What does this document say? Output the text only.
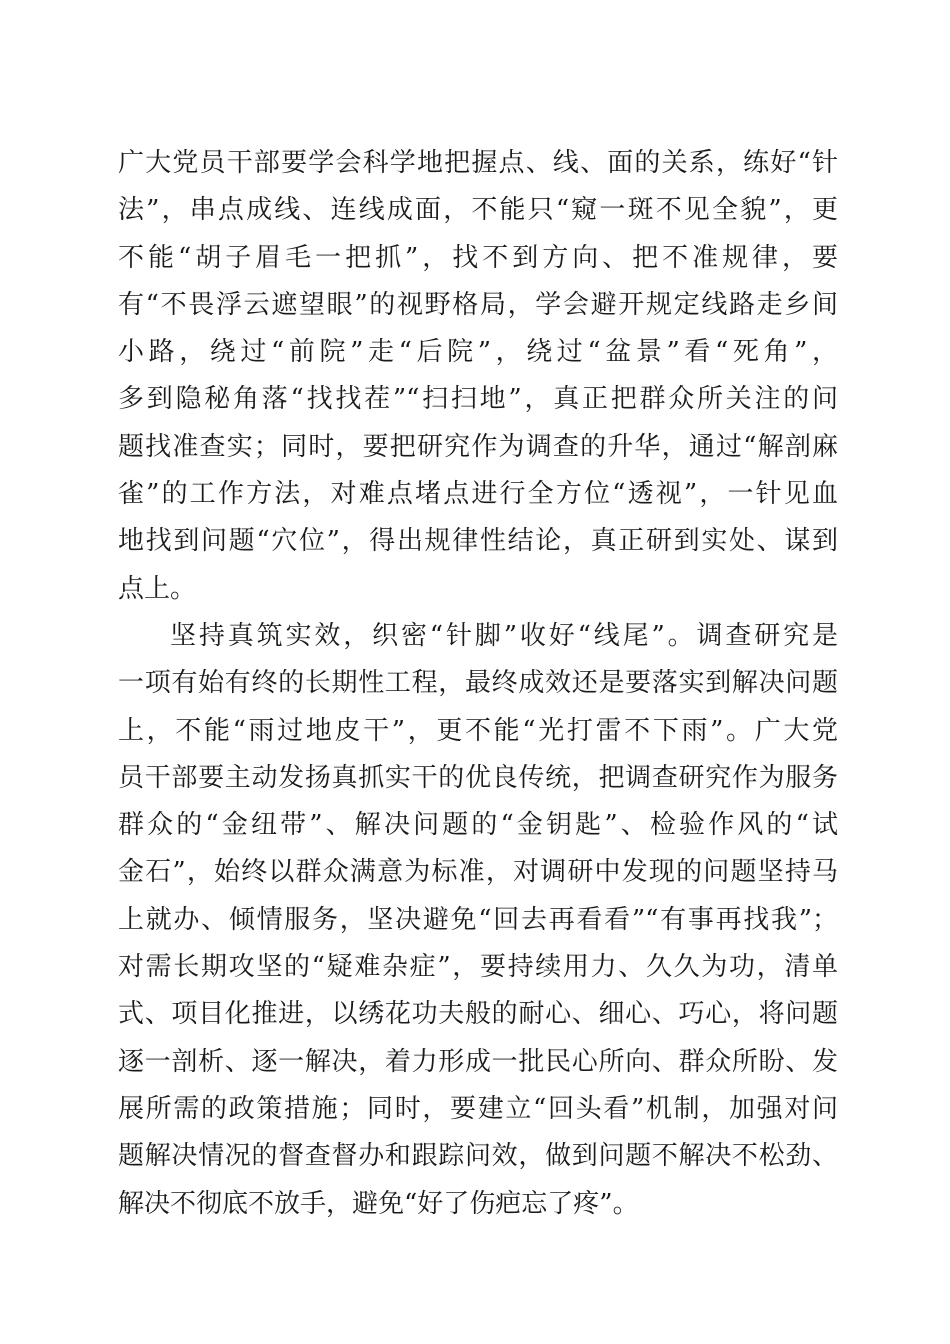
广大党员干部要学会科学地把握点、线、面的关系，练好“针
法”，串点成线、连线成面，不能只“窥一斑不见全貌”，更
不能“胡子眉毛一把抓”，找不到方向、把不准规律，要
有“不畏浮云遮望眼”的视野格局，学会避开规定线路走乡间
小路，绕过“前院”走“后院”，绕过“盆景”看“死角”，
多到隐秘角落“找找茬”“扫扫地”，真正把群众所关注的问
题找准查实；同时，要把研究作为调查的升华，通过“解剖麻
雀”的工作方法，对难点堵点进行全方位“透视”，一针见血
地找到问题“穴位”，得出规律性结论，真正研到实处、谋到
点上。
坚持真筑实效，织密“针脚”收好“线尾”。调查研究是
一项有始有终的长期性工程，最终成效还是要落实到解决问题
上，不能“雨过地皮干”，更不能“光打雷不下雨”。广大党
员干部要主动发扬真抓实干的优良传统，把调查研究作为服务
群众的“金纽带”、解决问题的“金钥匙”、检验作风的“试
金石”，始终以群众满意为标准，对调研中发现的问题坚持马
上就办、倾情服务，坚决避免“回去再看看”“有事再找我”；
对需长期攻坚的“疑难杂症”，要持续用力、久久为功，清单
式、项目化推进，以绣花功夫般的耐心、细心、巧心，将问题
逐一剖析、逐一解决，着力形成一批民心所向、群众所盼、发
展所需的政策措施；同时，要建立“回头看”机制，加强对问
题解决情况的督查督办和跟踪问效，做到问题不解决不松劲、
解决不彻底不放手，避免“好了伤疤忘了疼”。
